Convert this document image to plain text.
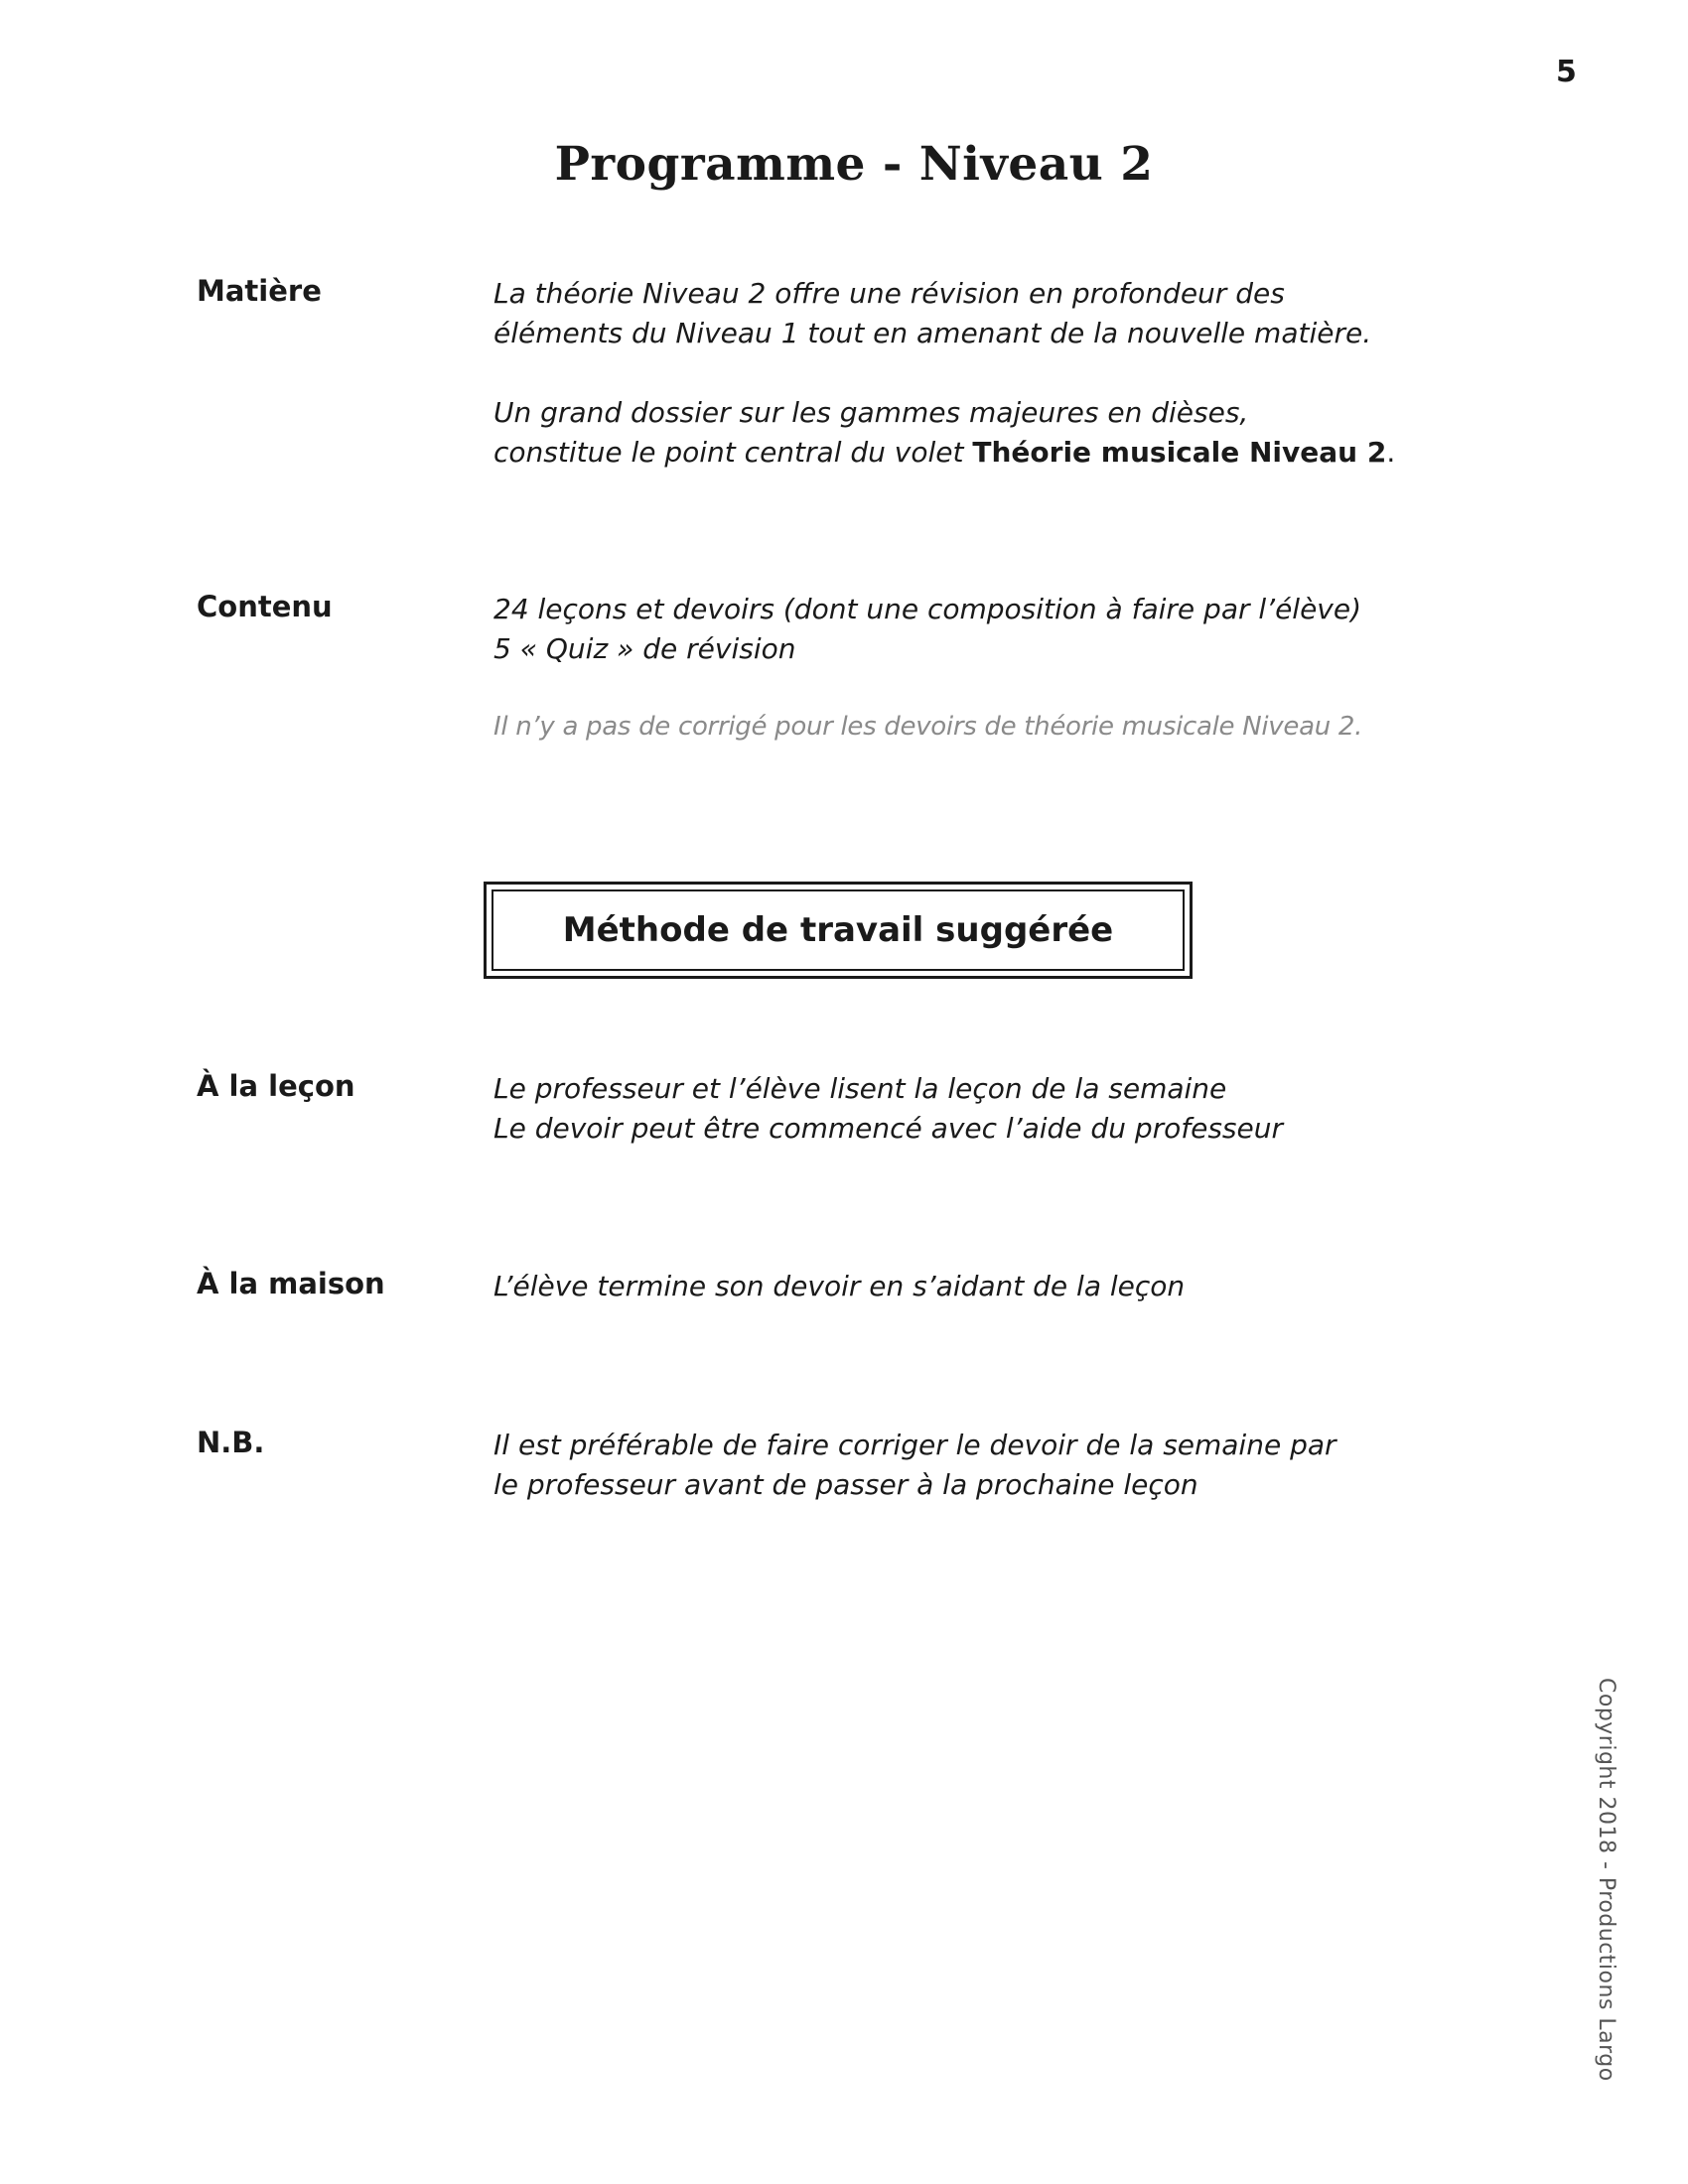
5
Programme - Niveau 2
Matière	La théorie Niveau 2 offre une révision en profondeur des
éléments du Niveau 1 tout en amenant de la nouvelle matière.
Un grand dossier sur les gammes majeures en dièses,
constitue le point central du volet Théorie musicale Niveau 2.
Contenu	24 leçons et devoirs (dont une composition à faire par l’élève)
5 « Quiz » de révision
Il n’y a pas de corrigé pour les devoirs de théorie musicale Niveau 2.
Méthode de travail suggérée
À la leçon	Le professeur et l’élève lisent la leçon de la semaine
Le devoir peut être commencé avec l’aide du professeur
À la maison	L’élève termine son devoir en s’aidant de la leçon
N.B.	Il est préférable de faire corriger le devoir de la semaine par
le professeur avant de passer à la prochaine leçon
Copyright 2018 - Productions Largo
